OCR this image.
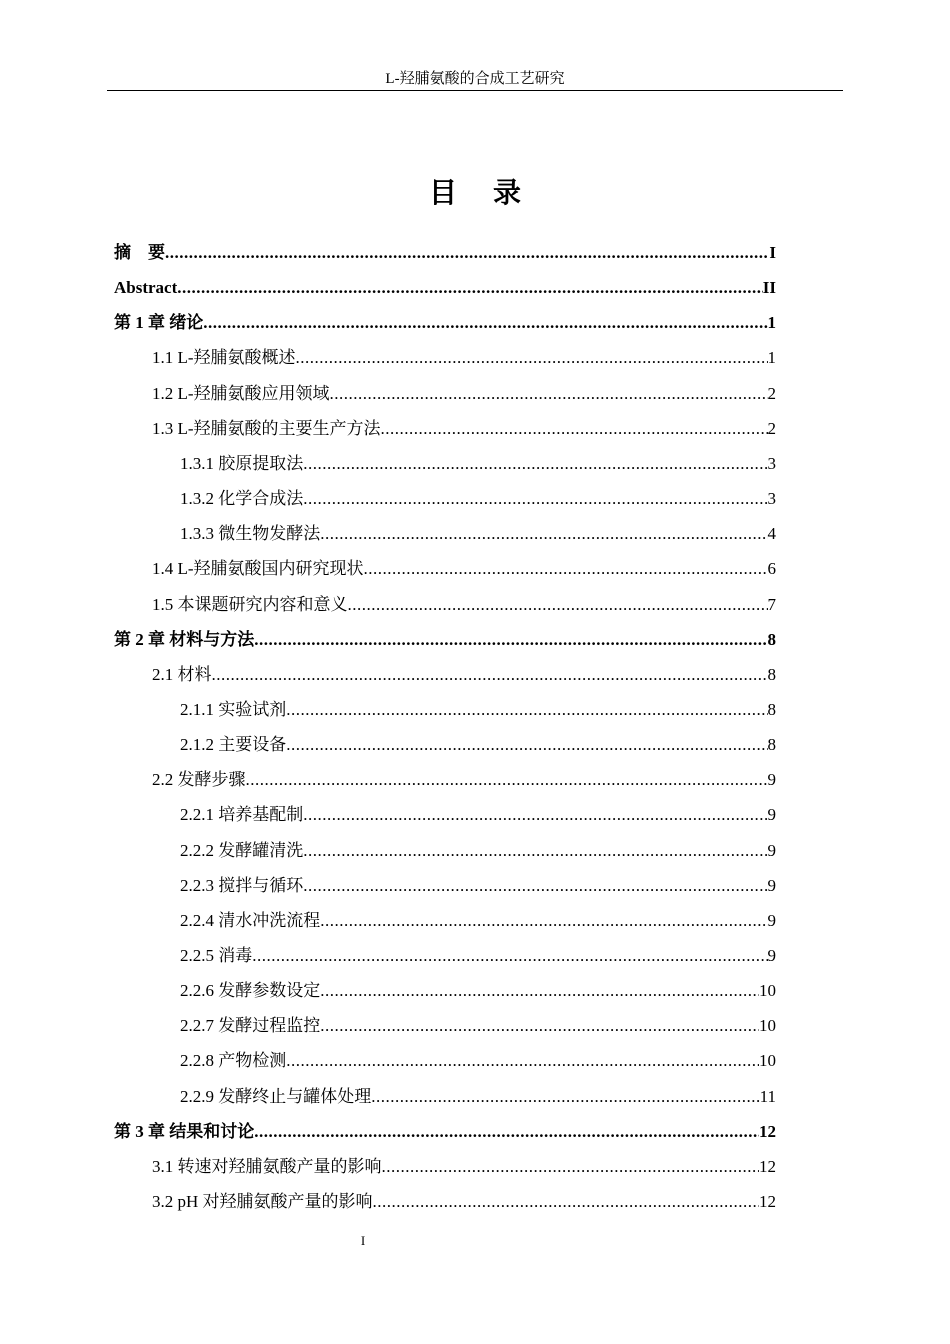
L-羟脯氨酸的合成工艺研究
目录
摘　要 .....	I
Abstract .....	II
第 1 章 绪论 .....	1
1.1 L-羟脯氨酸概述 .....	1
1.2 L-羟脯氨酸应用领域 .....	2
1.3 L-羟脯氨酸的主要生产方法 .....	2
1.3.1 胶原提取法 .....	3
1.3.2 化学合成法 .....	3
1.3.3 微生物发酵法 .....	4
1.4 L-羟脯氨酸国内研究现状 .....	6
1.5 本课题研究内容和意义 .....	7
第 2 章 材料与方法 .....	8
2.1 材料 .....	8
2.1.1 实验试剂 .....	8
2.1.2 主要设备 .....	8
2.2 发酵步骤 .....	9
2.2.1 培养基配制 .....	9
2.2.2 发酵罐清洗 .....	9
2.2.3 搅拌与循环 .....	9
2.2.4 清水冲洗流程 .....	9
2.2.5 消毒 .....	9
2.2.6 发酵参数设定 .....	10
2.2.7 发酵过程监控 .....	10
2.2.8 产物检测 .....	10
2.2.9 发酵终止与罐体处理 .....	11
第 3 章 结果和讨论 .....	12
3.1 转速对羟脯氨酸产量的影响 .....	12
3.2 pH 对羟脯氨酸产量的影响 .....	12
I
